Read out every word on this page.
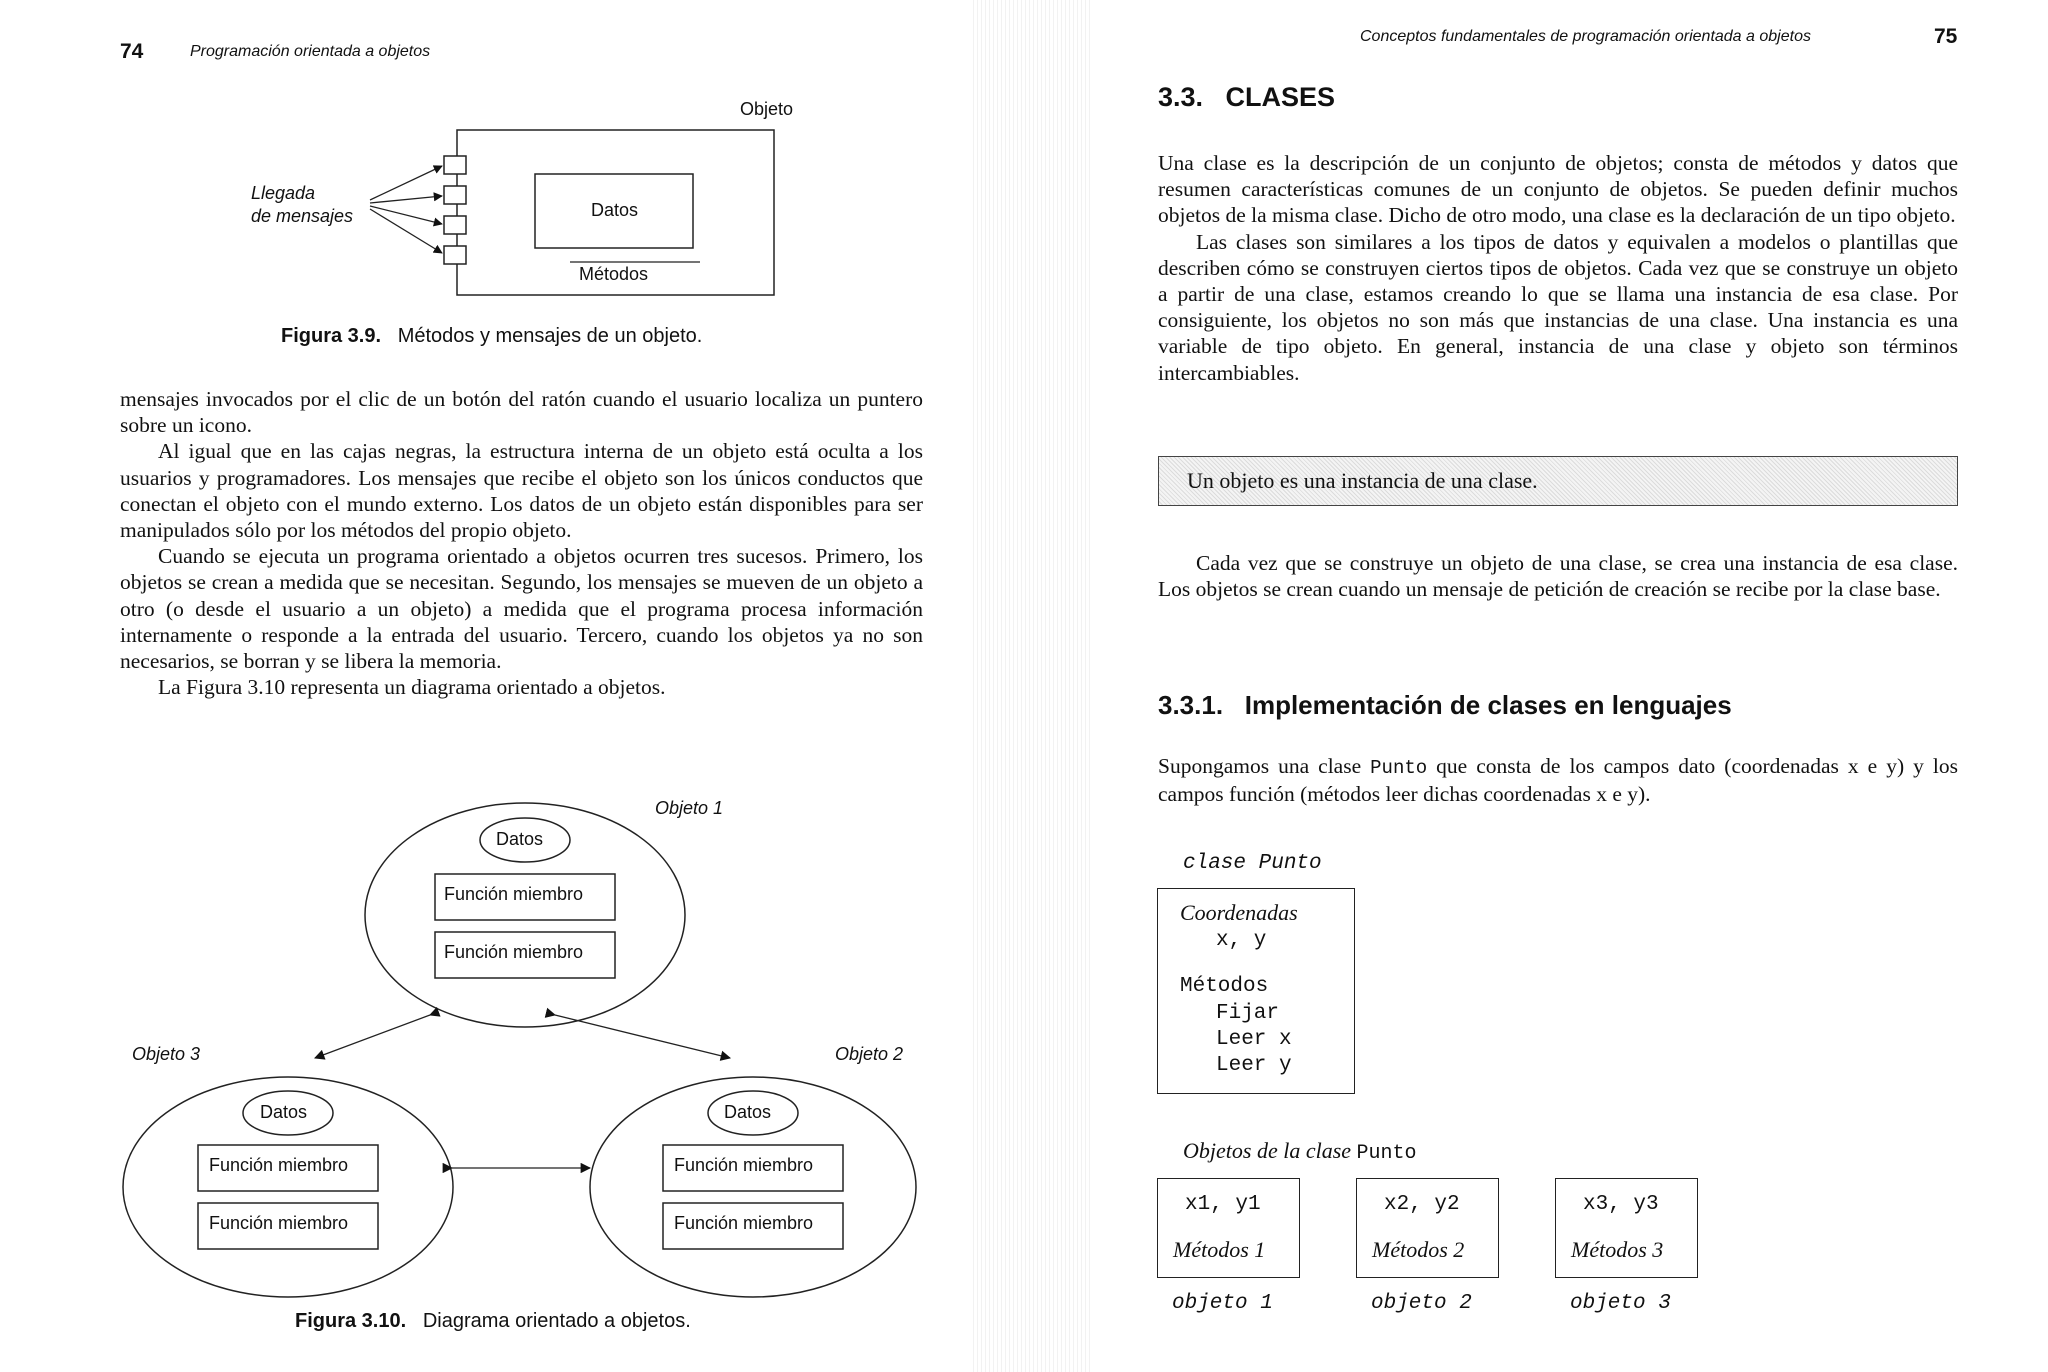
74	Programación orientada a objetos
Objeto
Llegada
de mensajes	Datos
Métodos
Figura 3.9. Métodos y mensajes de un objeto.

mensajes invocados por el clic de un botón del ratón cuando el usuario localiza un puntero sobre un icono.

Al igual que en las cajas negras, la estructura interna de un objeto está oculta a los usuarios y programadores. Los mensajes que recibe el objeto son los únicos conductos que conectan el objeto con el mundo externo. Los datos de un objeto están disponibles para ser manipulados sólo por los métodos del propio objeto.

Cuando se ejecuta un programa orientado a objetos ocurren tres sucesos. Primero, los objetos se crean a medida que se necesitan. Segundo, los mensajes se mueven de un objeto a otro (o desde el usuario a un objeto) a medida que el programa procesa información internamente o responde a la entrada del usuario. Tercero, cuando los objetos ya no son necesarios, se borran y se libera la memoria.

La Figura 3.10 representa un diagrama orientado a objetos.

Objeto 1
Objeto 2
Objeto 3
Datos
Función miembro
Función miembro
Datos
Función miembro
Función miembro
Datos
Función miembro
Función miembro
Figura 3.10. Diagrama orientado a objetos.
Conceptos fundamentales de programación orientada a objetos	75
3.3.   CLASES

Una clase es la descripción de un conjunto de objetos; consta de métodos y datos que resumen características comunes de un conjunto de objetos. Se pueden definir muchos objetos de la misma clase. Dicho de otro modo, una clase es la declaración de un tipo objeto.

Las clases son similares a los tipos de datos y equivalen a modelos o plantillas que describen cómo se construyen ciertos tipos de objetos. Cada vez que se construye un objeto a partir de una clase, estamos creando lo que se llama una instancia de esa clase. Por consiguiente, los objetos no son más que instancias de una clase. Una instancia es una variable de tipo objeto. En general, instancia de una clase y objeto son términos intercambiables.

Un objeto es una instancia de una clase.

Cada vez que se construye un objeto de una clase, se crea una instancia de esa clase. Los objetos se crean cuando un mensaje de petición de creación se recibe por la clase base.

3.3.1.   Implementación de clases en lenguajes

Supongamos una clase Punto que consta de los campos dato (coordenadas x e y) y los campos función (métodos leer dichas coordenadas x e y).

clase Punto
Coordenadas
x, y
Métodos
Fijar
Leer x
Leer y
Objetos de la clase Punto
x1, y1
Métodos 1
objeto 1
x2, y2
Métodos 2
objeto 2
x3, y3
Métodos 3
objeto 3
